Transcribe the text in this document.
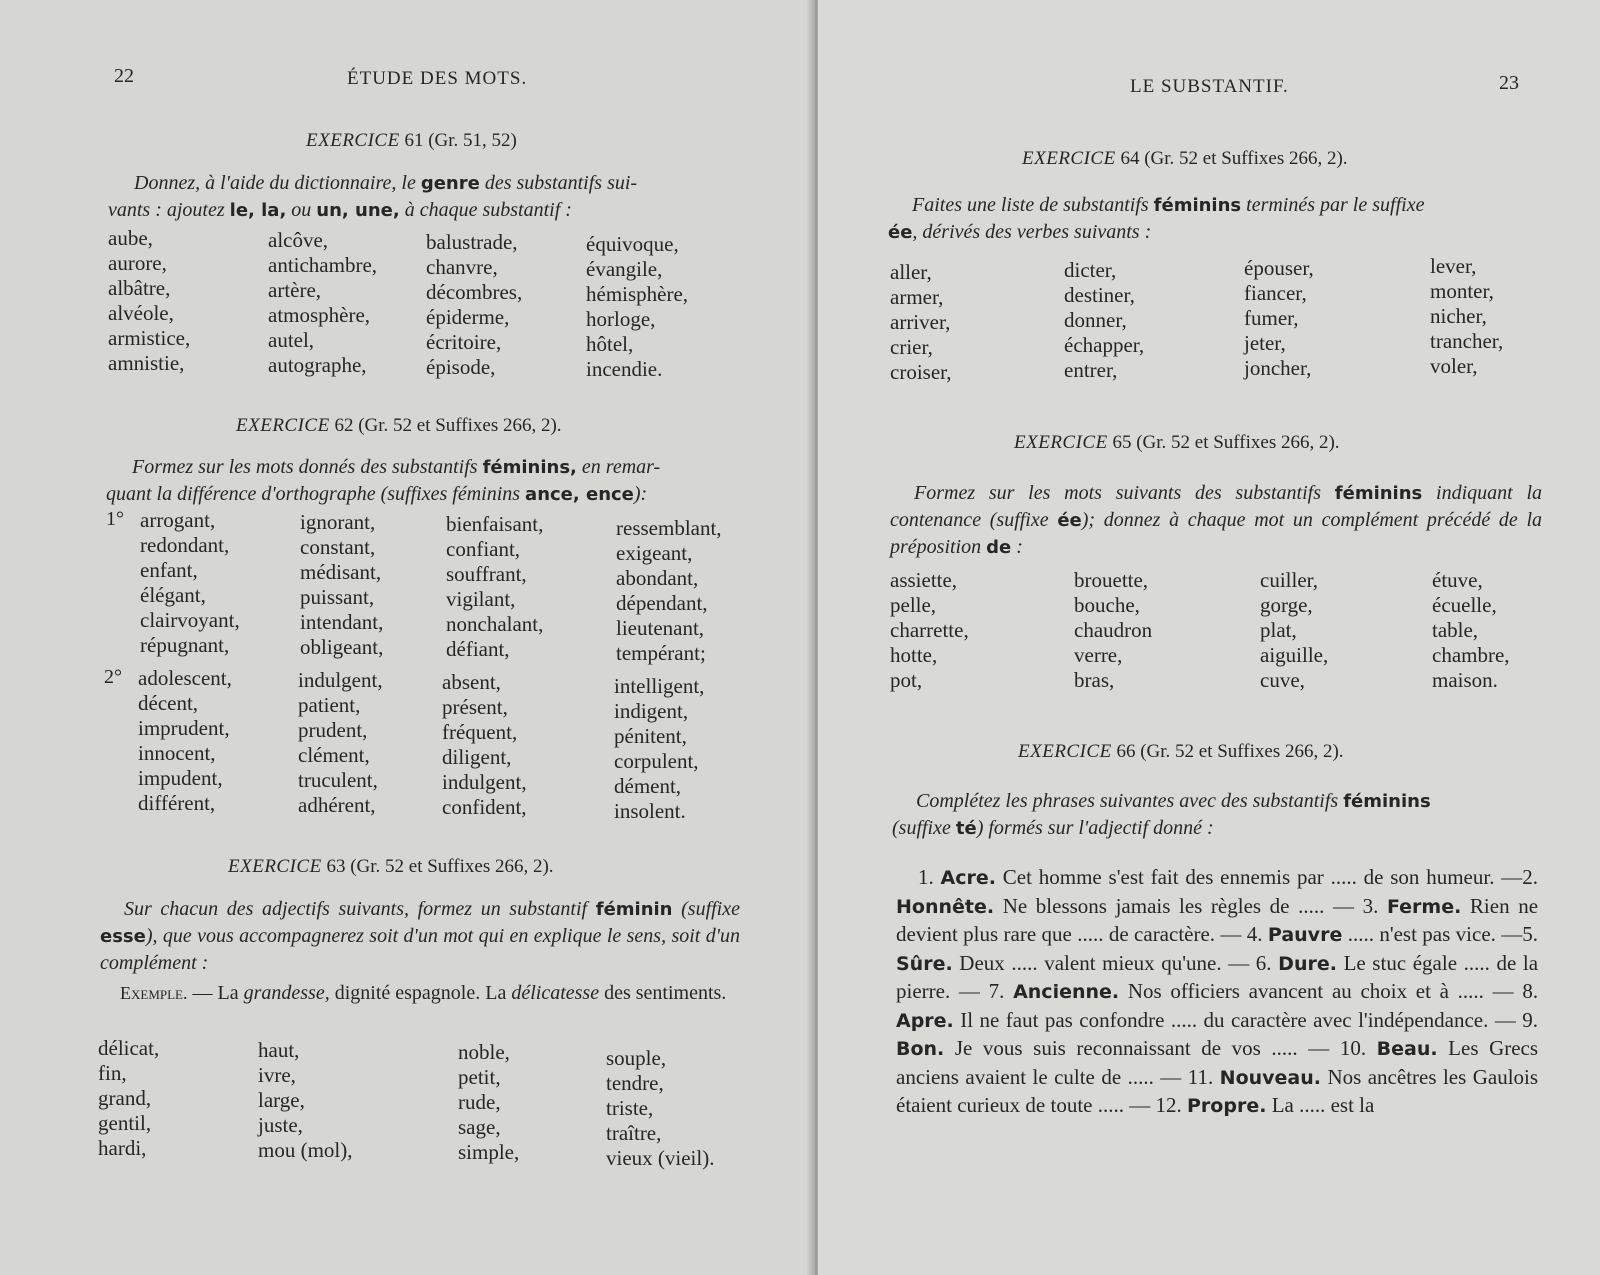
22	ÉTUDE DES MOTS.
EXERCICE 61 (Gr. 51, 52)
Donnez, à l'aide du dictionnaire, le genre des substantifs sui-
vants : ajoutez le, la, ou un, une, à chaque substantif :
aube,
aurore,
albâtre,
alvéole,
armistice,
amnistie,
alcôve,
antichambre,
artère,
atmosphère,
autel,
autographe,
balustrade,
chanvre,
décombres,
épiderme,
écritoire,
épisode,
équivoque,
évangile,
hémisphère,
horloge,
hôtel,
incendie.
EXERCICE 62 (Gr. 52 et Suffixes 266, 2).
Formez sur les mots donnés des substantifs féminins, en remar-
quant la différence d'orthographe (suffixes féminins ance, ence):
1° arrogant,
redondant,
enfant,
élégant,
clairvoyant,
répugnant,
ignorant,
constant,
médisant,
puissant,
intendant,
obligeant,
bienfaisant,
confiant,
souffrant,
vigilant,
nonchalant,
défiant,
ressemblant,
exigeant,
abondant,
dépendant,
lieutenant,
tempérant;
2° adolescent,
décent,
imprudent,
innocent,
impudent,
différent,
indulgent,
patient,
prudent,
clément,
truculent,
adhérent,
absent,
présent,
fréquent,
diligent,
indulgent,
confident,
intelligent,
indigent,
pénitent,
corpulent,
dément,
insolent.
EXERCICE 63 (Gr. 52 et Suffixes 266, 2).
Sur chacun des adjectifs suivants, formez un substantif féminin (suffixe esse), que vous accompagnerez soit d'un mot qui en explique le sens, soit d'un complément :
Exemple. — La grandesse, dignité espagnole. La délicatesse des sentiments.
délicat,
fin,
grand,
gentil,
hardi,
haut,
ivre,
large,
juste,
mou (mol),
noble,
petit,
rude,
sage,
simple,
souple,
tendre,
triste,
traître,
vieux (vieil).
LE SUBSTANTIF.	23
EXERCICE 64 (Gr. 52 et Suffixes 266, 2).
Faites une liste de substantifs féminins terminés par le suffixe
ée, dérivés des verbes suivants :
aller,
armer,
arriver,
crier,
croiser,
dicter,
destiner,
donner,
échapper,
entrer,
épouser,
fiancer,
fumer,
jeter,
joncher,
lever,
monter,
nicher,
trancher,
voler,
EXERCICE 65 (Gr. 52 et Suffixes 266, 2).
Formez sur les mots suivants des substantifs féminins indiquant la contenance (suffixe ée); donnez à chaque mot un complément précédé de la préposition de :
assiette,
pelle,
charrette,
hotte,
pot,
brouette,
bouche,
chaudron
verre,
bras,
cuiller,
gorge,
plat,
aiguille,
cuve,
étuve,
écuelle,
table,
chambre,
maison.
EXERCICE 66 (Gr. 52 et Suffixes 266, 2).
Complétez les phrases suivantes avec des substantifs féminins
(suffixe té) formés sur l'adjectif donné :
1. Acre. Cet homme s'est fait des ennemis par ..... de son humeur. —2. Honnête. Ne blessons jamais les règles de ..... — 3. Ferme. Rien ne devient plus rare que ..... de caractère. — 4. Pauvre ..... n'est pas vice. —5. Sûre. Deux ..... valent mieux qu'une. — 6. Dure. Le stuc égale ..... de la pierre. — 7. Ancienne. Nos officiers avancent au choix et à ..... — 8. Apre. Il ne faut pas confondre ..... du caractère avec l'indépendance. — 9. Bon. Je vous suis reconnaissant de vos ..... — 10. Beau. Les Grecs anciens avaient le culte de ..... — 11. Nouveau. Nos ancêtres les Gaulois étaient curieux de toute ..... — 12. Propre. La ..... est la
